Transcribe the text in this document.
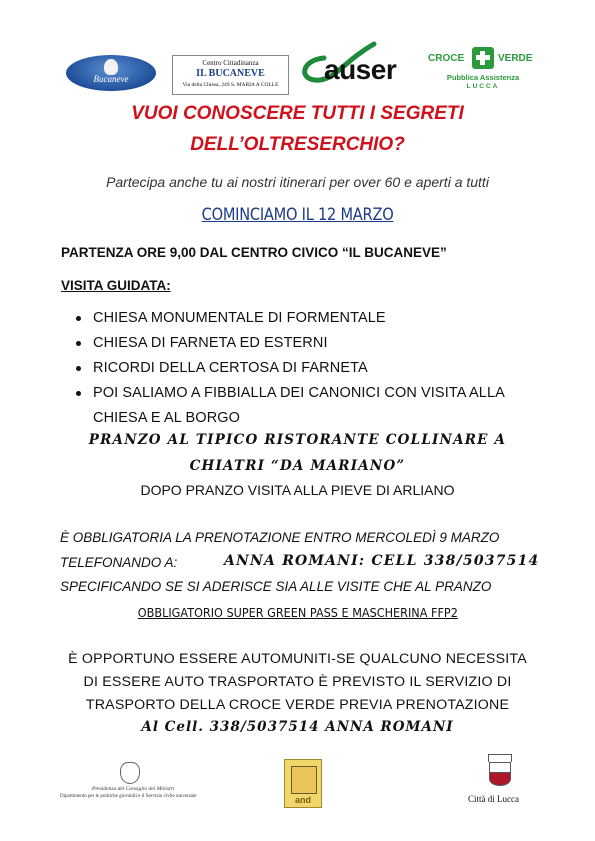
Bucaneve
Centro Cittadinanza
IL BUCANEVE
Via della Chiesa, 249 S. MARIA A COLLE	auser	CROCE	VERDE
Pubblica Assistenza
LUCCA
VUOI CONOSCERE TUTTI I SEGRETI
DELL’OLTRESERCHIO?
Partecipa anche tu ai nostri itinerari per over 60 e aperti a tutti
COMINCIAMO IL 12 MARZO
PARTENZA ORE 9,00 DAL CENTRO CIVICO “IL BUCANEVE”
VISITA GUIDATA:
CHIESA MONUMENTALE DI FORMENTALE
CHIESA DI FARNETA ED ESTERNI
RICORDI DELLA CERTOSA DI FARNETA
POI SALIAMO A FIBBIALLA DEI CANONICI CON VISITA ALLA CHIESA E AL BORGO
PRANZO AL TIPICO RISTORANTE COLLINARE A
CHIATRI “DA MARIANO”
DOPO PRANZO VISITA ALLA PIEVE DI ARLIANO
È OBBLIGATORIA LA PRENOTAZIONE ENTRO MERCOLEDÌ 9 MARZO
TELEFONANDO A:	ANNA ROMANI: CELL 338/5037514
SPECIFICANDO SE SI ADERISCE SIA ALLE VISITE CHE AL PRANZO
OBBLIGATORIO SUPER GREEN PASS E MASCHERINA FFP2
È OPPORTUNO ESSERE AUTOMUNITI-SE QUALCUNO NECESSITA
DI ESSERE AUTO TRASPORTATO È PREVISTO IL SERVIZIO DI
TRASPORTO DELLA CROCE VERDE PREVIA PRENOTAZIONE
Al Cell. 338/5037514 ANNA ROMANI
Presidenza del Consiglio dei Ministri
Dipartimento per le politiche giovanili e il Servizio civile universale	and	Città di Lucca
